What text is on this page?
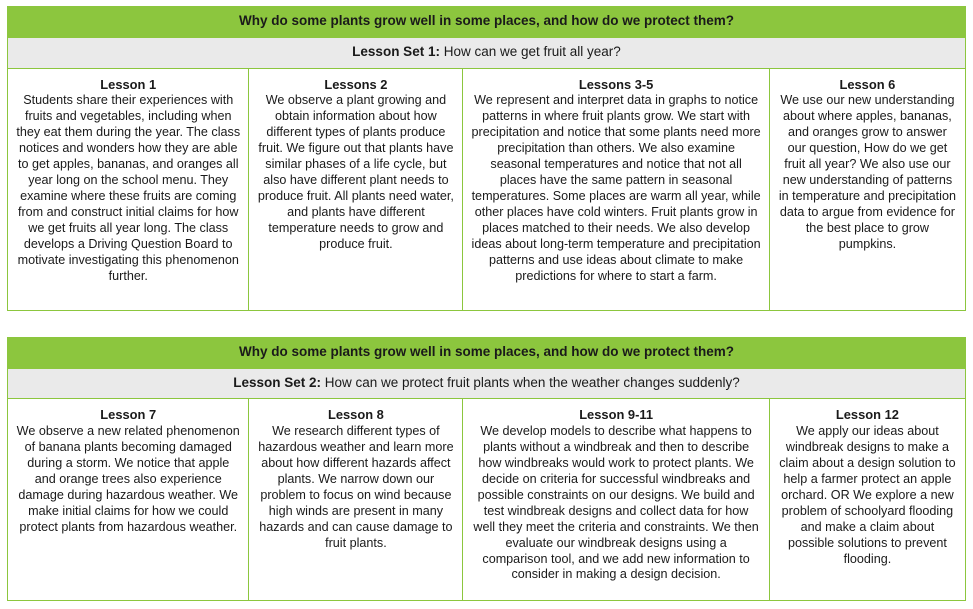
Why do some plants grow well in some places, and how do we protect them?
Lesson Set 1: How can we get fruit all year?
Lesson 1
Students share their experiences with fruits and vegetables, including when they eat them during the year. The class notices and wonders how they are able to get apples, bananas, and oranges all year long on the school menu. They examine where these fruits are coming from and construct initial claims for how we get fruits all year long. The class develops a Driving Question Board to motivate investigating this phenomenon further.
Lessons 2
We observe a plant growing and obtain information about how different types of plants produce fruit. We figure out that plants have similar phases of a life cycle, but also have different plant needs to produce fruit. All plants need water, and plants have different temperature needs to grow and produce fruit.
Lessons 3-5
We represent and interpret data in graphs to notice patterns in where fruit plants grow. We start with precipitation and notice that some plants need more precipitation than others. We also examine seasonal temperatures and notice that not all places have the same pattern in seasonal temperatures. Some places are warm all year, while other places have cold winters. Fruit plants grow in places matched to their needs. We also develop ideas about long-term temperature and precipitation patterns and use ideas about climate to make predictions for where to start a farm.
Lesson 6
We use our new understanding about where apples, bananas, and oranges grow to answer our question, How do we get fruit all year? We also use our new understanding of patterns in temperature and precipitation data to argue from evidence for the best place to grow pumpkins.
Why do some plants grow well in some places, and how do we protect them?
Lesson Set 2: How can we protect fruit plants when the weather changes suddenly?
Lesson 7
We observe a new related phenomenon of banana plants becoming damaged during a storm. We notice that apple and orange trees also experience damage during hazardous weather. We make initial claims for how we could protect plants from hazardous weather.
Lesson 8
We research different types of hazardous weather and learn more about how different hazards affect plants. We narrow down our problem to focus on wind because high winds are present in many hazards and can cause damage to fruit plants.
Lesson 9-11
We develop models to describe what happens to plants without a windbreak and then to describe how windbreaks would work to protect plants. We decide on criteria for successful windbreaks and possible constraints on our designs. We build and test windbreak designs and collect data for how well they meet the criteria and constraints. We then evaluate our windbreak designs using a comparison tool, and we add new information to consider in making a design decision.
Lesson 12
We apply our ideas about windbreak designs to make a claim about a design solution to help a farmer protect an apple orchard. OR We explore a new problem of schoolyard flooding and make a claim about possible solutions to prevent flooding.
